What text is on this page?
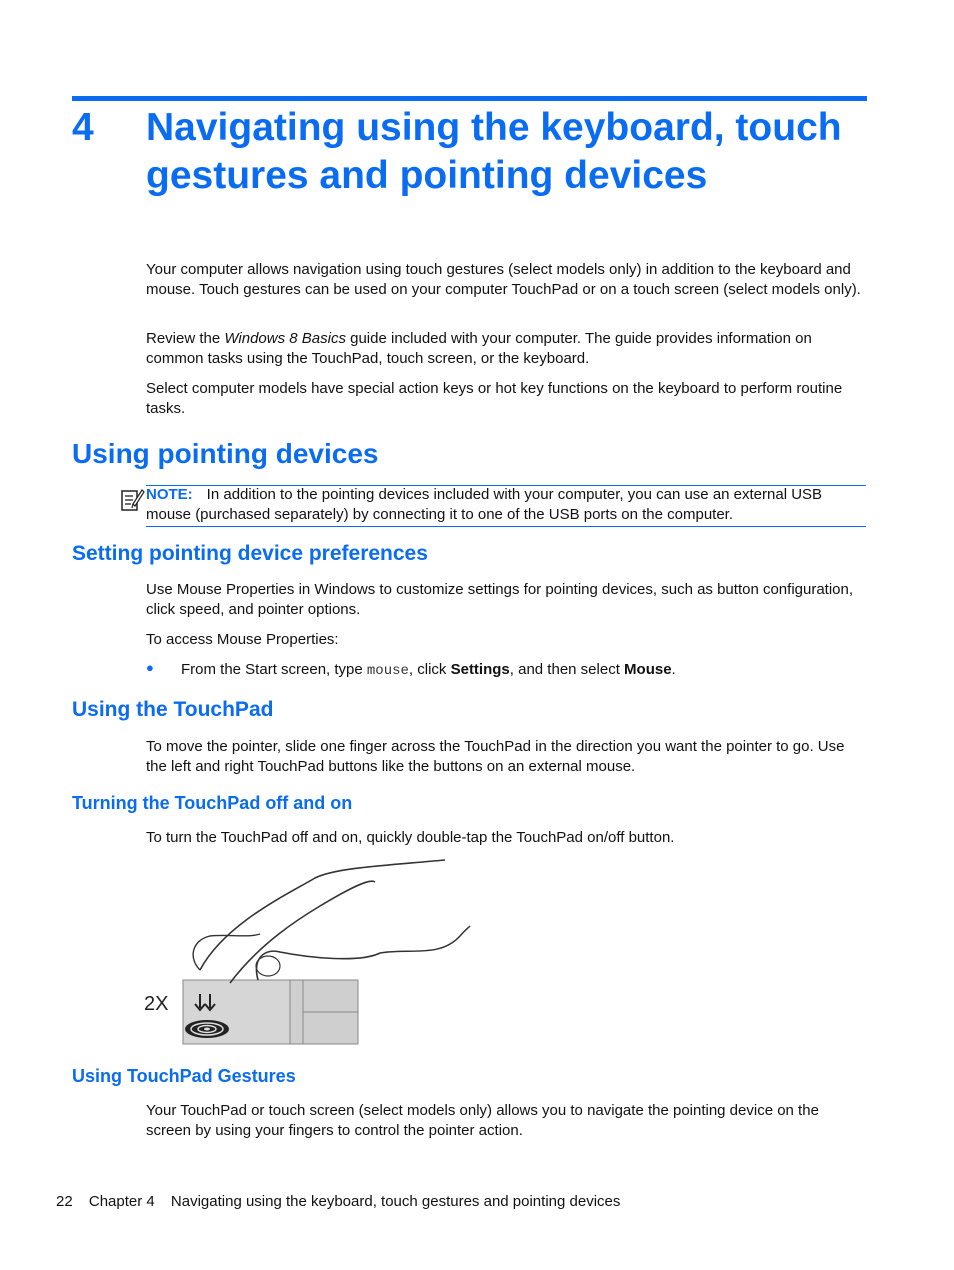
4 Navigating using the keyboard, touch gestures and pointing devices

Your computer allows navigation using touch gestures (select models only) in addition to the keyboard and mouse. Touch gestures can be used on your computer TouchPad or on a touch screen (select models only).

Review the Windows 8 Basics guide included with your computer. The guide provides information on common tasks using the TouchPad, touch screen, or the keyboard.

Select computer models have special action keys or hot key functions on the keyboard to perform routine tasks.

Using pointing devices

NOTE: In addition to the pointing devices included with your computer, you can use an external USB mouse (purchased separately) by connecting it to one of the USB ports on the computer.

Setting pointing device preferences

Use Mouse Properties in Windows to customize settings for pointing devices, such as button configuration, click speed, and pointer options.

To access Mouse Properties:

● From the Start screen, type mouse, click Settings, and then select Mouse.

Using the TouchPad

To move the pointer, slide one finger across the TouchPad in the direction you want the pointer to go. Use the left and right TouchPad buttons like the buttons on an external mouse.

Turning the TouchPad off and on

To turn the TouchPad off and on, quickly double-tap the TouchPad on/off button.

2X
Using TouchPad Gestures

Your TouchPad or touch screen (select models only) allows you to navigate the pointing device on the screen by using your fingers to control the pointer action.

22 Chapter 4 Navigating using the keyboard, touch gestures and pointing devices
